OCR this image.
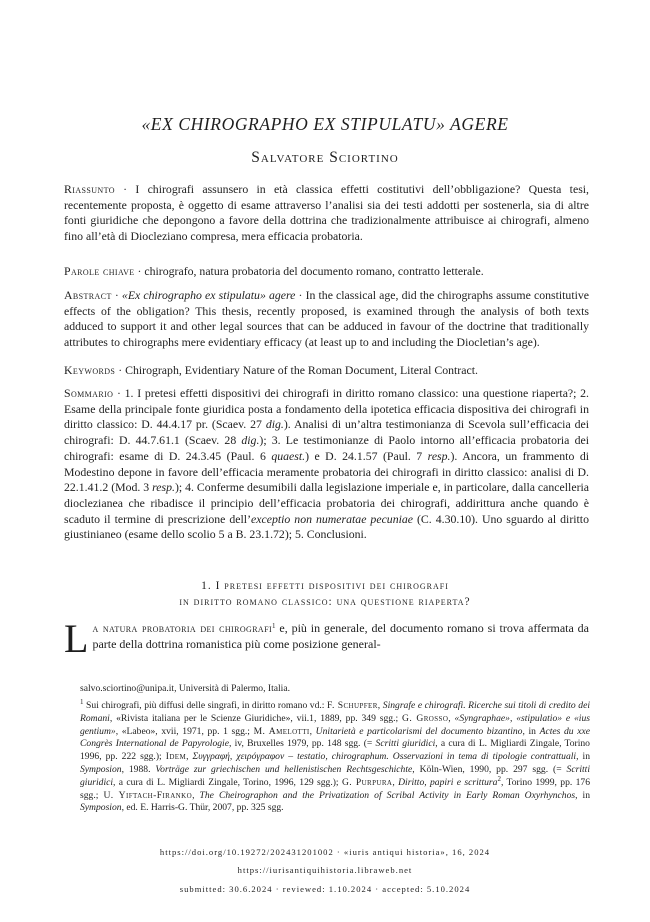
«EX CHIROGRAPHO EX STIPULATU» AGERE
Salvatore Sciortino
Riassunto · I chirografi assunsero in età classica effetti costitutivi dell’obbligazione? Questa tesi, recentemente proposta, è oggetto di esame attraverso l’analisi sia dei testi addotti per sostenerla, sia di altre fonti giuridiche che depongono a favore della dottrina che tradizionalmente attribuisce ai chirografi, almeno fino all’età di Diocleziano compresa, mera efficacia probatoria.
Parole chiave · chirografo, natura probatoria del documento romano, contratto letterale.
Abstract · «Ex chirographo ex stipulatu» agere · In the classical age, did the chirographs assume constitutive effects of the obligation? This thesis, recently proposed, is examined through the analysis of both texts adduced to support it and other legal sources that can be adduced in favour of the doctrine that traditionally attributes to chirographs mere evidentiary efficacy (at least up to and including the Diocletian’s age).
Keywords · Chirograph, Evidentiary Nature of the Roman Document, Literal Contract.
Sommario · 1. I pretesi effetti dispositivi dei chirografi in diritto romano classico: una questione riaperta?; 2. Esame della principale fonte giuridica posta a fondamento della ipotetica efficacia dispositiva dei chirografi in diritto classico: D. 44.4.17 pr. (Scaev. 27 dig.). Analisi di un’altra testimonianza di Scevola sull’efficacia dei chirografi: D. 44.7.61.1 (Scaev. 28 dig.); 3. Le testimonianze di Paolo intorno all’efficacia probatoria dei chirografi: esame di D. 24.3.45 (Paul. 6 quaest.) e D. 24.1.57 (Paul. 7 resp.). Ancora, un frammento di Modestino depone in favore dell’efficacia meramente probatoria dei chirografi in diritto classico: analisi di D. 22.1.41.2 (Mod. 3 resp.); 4. Conferme desumibili dalla legislazione imperiale e, in particolare, dalla cancelleria dioclezianea che ribadisce il principio dell’efficacia probatoria dei chirografi, addirittura anche quando è scaduto il termine di prescrizione dell’exceptio non numeratae pecuniae (C. 4.30.10). Uno sguardo al diritto giustinianeo (esame dello scolio 5 a B. 23.1.72); 5. Conclusioni.
1. I pretesi effetti dispositivi dei chirografi
in diritto romano classico: una questione riaperta?
La natura probatoria dei chirografi$^1$ e, più in generale, del documento romano si trova affermata da parte della dottrina romanistica più come posizione general-
salvo.sciortino@unipa.it, Università di Palermo, Italia.
$^1$ Sui chirografi, più diffusi delle singrafi, in diritto romano vd.: F. Schupfer, Singrafe e chirografi. Ricerche sui titoli di credito dei Romani, «Rivista italiana per le Scienze Giuridiche», vii.1, 1889, pp. 349 sgg.; G. Grosso, «Syngraphae», «stipulatio» e «ius gentium», «Labeo», xvii, 1971, pp. 1 sgg.; M. Amelotti, Unitarietà e particolarismi del documento bizantino, in Actes du xxe Congrès International de Papyrologie, iv, Bruxelles 1979, pp. 148 sgg. (= Scritti giuridici, a cura di L. Migliardi Zingale, Torino 1996, pp. 222 sgg.); Idem, Συγγραφή, χειρόγραφον – testatio, chirographum. Osservazioni in tema di tipologie contrattuali, in Symposion, 1988. Vorträge zur griechischen und hellenistischen Rechtsgeschichte, Köln-Wien, 1990, pp. 297 sgg. (= Scritti giuridici, a cura di L. Migliardi Zingale, Torino, 1996, 129 sgg.); G. Purpura, Diritto, papiri e scrittura$^2$, Torino 1999, pp. 176 sgg.; U. Yiftach-Firanko, The Cheirographon and the Privatization of Scribal Activity in Early Roman Oxyrhynchos, in Symposion, ed. E. Harris-G. Thür, 2007, pp. 325 sgg.
https://doi.org/10.19272/202431201002 · «iuris antiqui historia», 16, 2024
https://iurisantiquihistoria.libraweb.net
submitted: 30.6.2024 · reviewed: 1.10.2024 · accepted: 5.10.2024
